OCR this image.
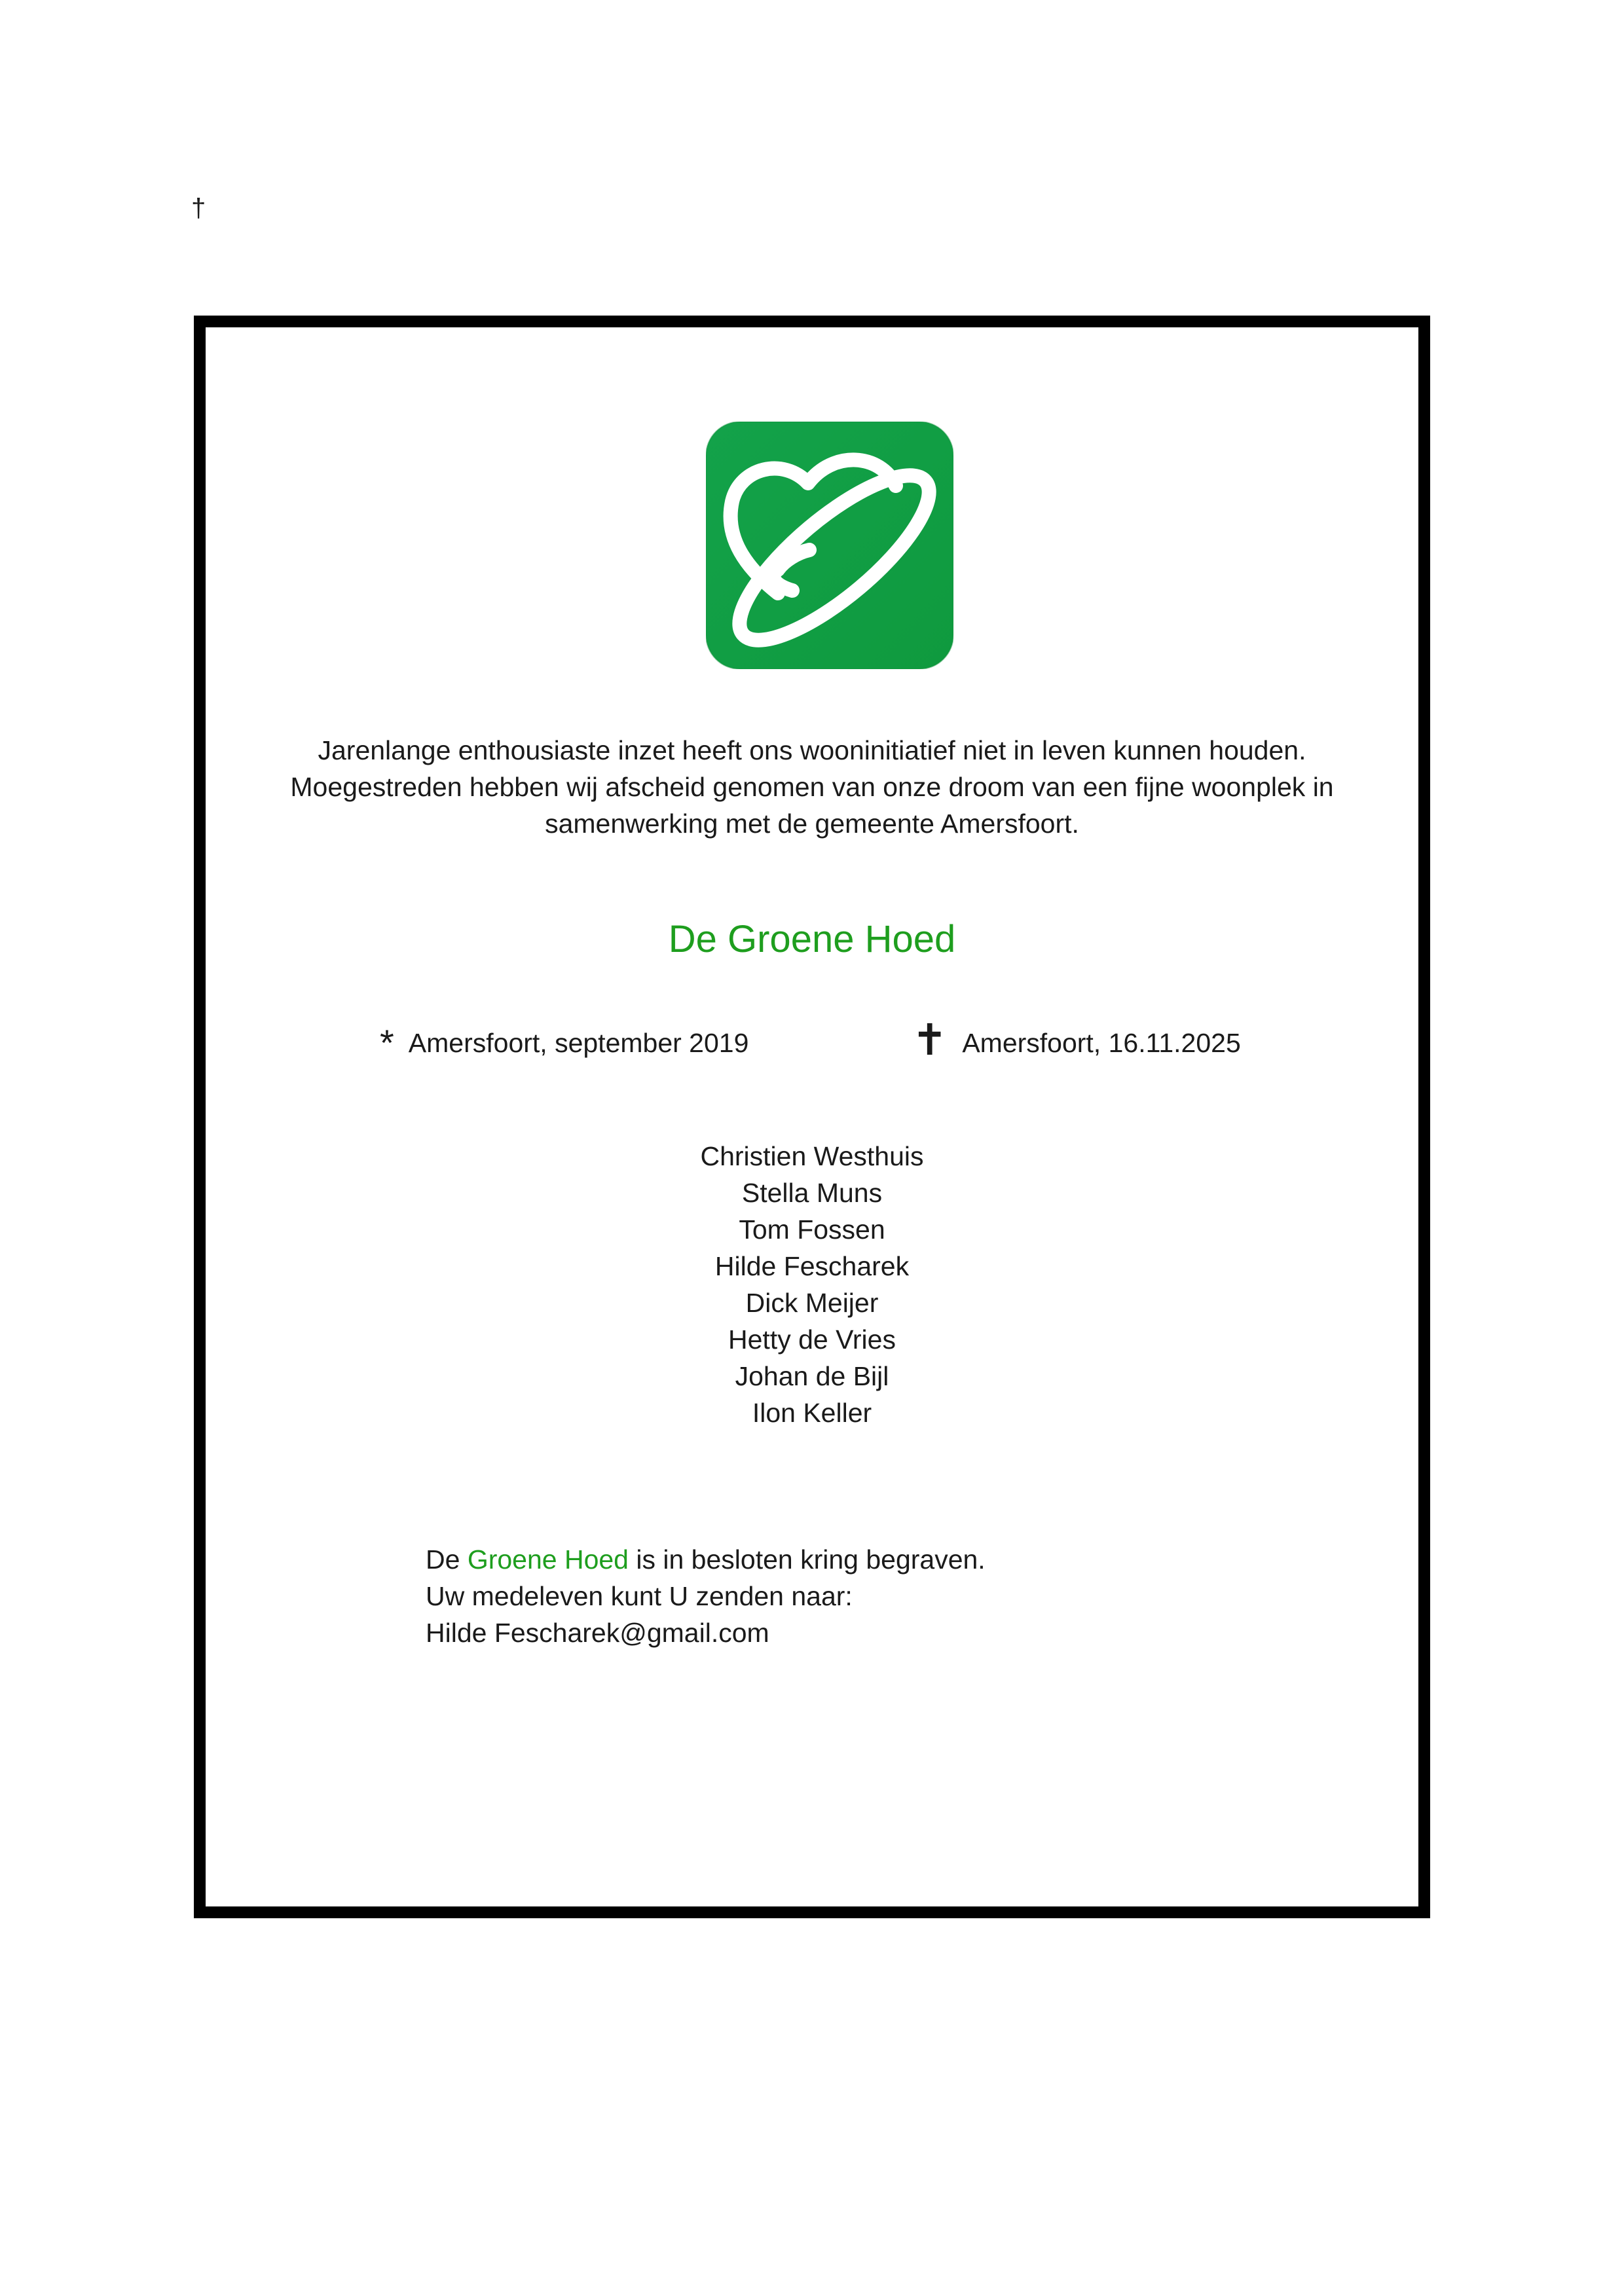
†
Jarenlange enthousiaste inzet heeft ons wooninitiatief niet in leven kunnen houden.
Moegestreden hebben wij afscheid genomen van onze droom van een fijne woonplek in
samenwerking met de gemeente Amersfoort.
De Groene Hoed
* Amersfoort, september 2019	✝ Amersfoort, 16.11.2025
Christien Westhuis
Stella Muns
Tom Fossen
Hilde Fescharek
Dick Meijer
Hetty de Vries
Johan de Bijl
Ilon Keller
De Groene Hoed is in besloten kring begraven.
Uw medeleven kunt U zenden naar:
Hilde Fescharek@gmail.com
